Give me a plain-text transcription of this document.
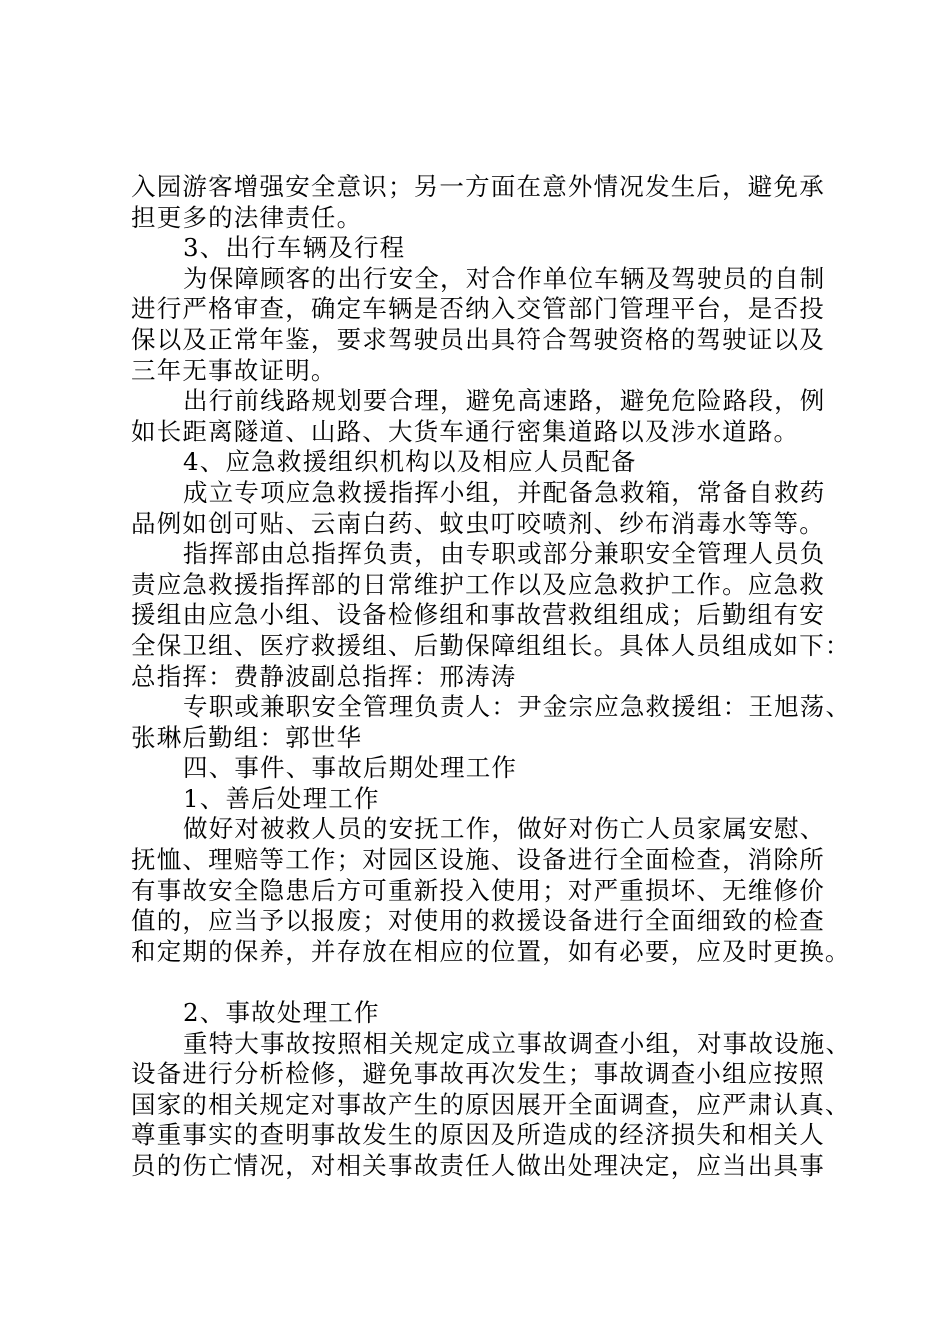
入园游客增强安全意识；另一方面在意外情况发生后，避免承
担更多的法律责任。
3、出行车辆及行程
为保障顾客的出行安全，对合作单位车辆及驾驶员的自制
进行严格审查，确定车辆是否纳入交管部门管理平台，是否投
保以及正常年鉴，要求驾驶员出具符合驾驶资格的驾驶证以及
三年无事故证明。
出行前线路规划要合理，避免高速路，避免危险路段，例
如长距离隧道、山路、大货车通行密集道路以及涉水道路。
4、应急救援组织机构以及相应人员配备
成立专项应急救援指挥小组，并配备急救箱，常备自救药
品例如创可贴、云南白药、蚊虫叮咬喷剂、纱布消毒水等等。
指挥部由总指挥负责，由专职或部分兼职安全管理人员负
责应急救援指挥部的日常维护工作以及应急救护工作。应急救
援组由应急小组、设备检修组和事故营救组组成；后勤组有安
全保卫组、医疗救援组、后勤保障组组长。具体人员组成如下：
总指挥：费静波副总指挥：邢涛涛
专职或兼职安全管理负责人：尹金宗应急救援组：王旭荡、
张琳后勤组：郭世华
四、事件、事故后期处理工作
1、善后处理工作
做好对被救人员的安抚工作，做好对伤亡人员家属安慰、
抚恤、理赔等工作；对园区设施、设备进行全面检查，消除所
有事故安全隐患后方可重新投入使用；对严重损坏、无维修价
值的，应当予以报废；对使用的救援设备进行全面细致的检查
和定期的保养，并存放在相应的位置，如有必要，应及时更换。
2、事故处理工作
重特大事故按照相关规定成立事故调查小组，对事故设施、
设备进行分析检修，避免事故再次发生；事故调查小组应按照
国家的相关规定对事故产生的原因展开全面调查，应严肃认真、
尊重事实的查明事故发生的原因及所造成的经济损失和相关人
员的伤亡情况，对相关事故责任人做出处理决定，应当出具事
